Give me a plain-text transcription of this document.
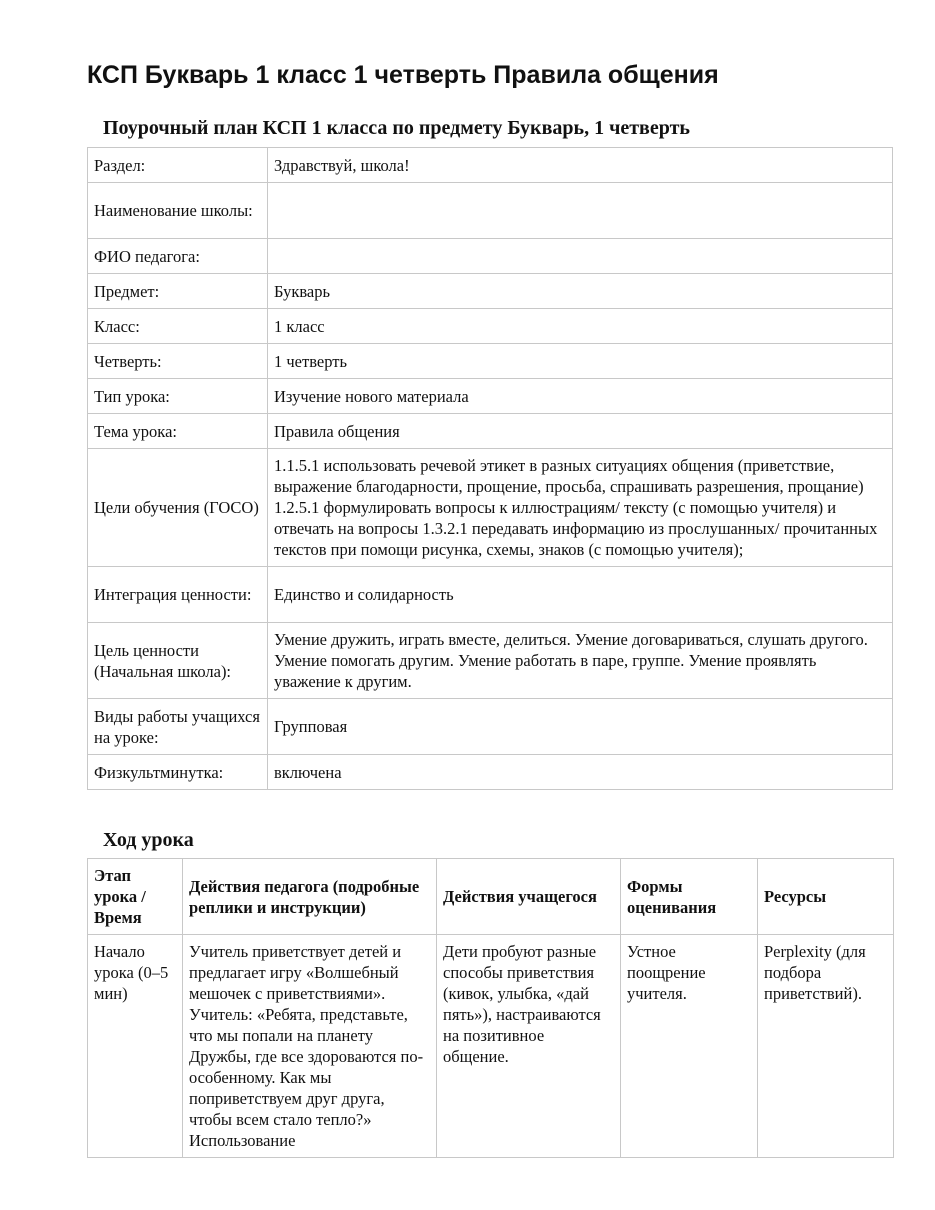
КСП Букварь 1 класс 1 четверть Правила общения
Поурочный план КСП 1 класса по предмету Букварь, 1 четверть
Раздел:	Здравствуй, школа!
Наименование школы:	
ФИО педагога:	
Предмет:	Букварь
Класс:	1 класс
Четверть:	1 четверть
Тип урока:	Изучение нового материала
Тема урока:	Правила общения
Цели обучения (ГОСО)	1.1.5.1 использовать речевой этикет в разных ситуациях общения (приветствие, выражение благодарности, прощение, просьба, спрашивать разрешения, прощание) 1.2.5.1 формулировать вопросы к иллюстрациям/ тексту (с помощью учителя) и отвечать на вопросы 1.3.2.1 передавать информацию из прослушанных/ прочитанных текстов при помощи рисунка, схемы, знаков (с помощью учителя);
Интеграция ценности:	Единство и солидарность
Цель ценности (Начальная школа):	Умение дружить, играть вместе, делиться. Умение договариваться, слушать другого. Умение помогать другим. Умение работать в паре, группе. Умение проявлять уважение к другим.
Виды работы учащихся на уроке:	Групповая
Физкультминутка:	включена
Ход урока
Этап урока / Время	Действия педагога (подробные реплики и инструкции)	Действия учащегося	Формы оценивания	Ресурсы
Начало урока (0–5 мин)	Учитель приветствует детей и предлагает игру «Волшебный мешочек с приветствиями». Учитель: «Ребята, представьте, что мы попали на планету Дружбы, где все здороваются по-особенному. Как мы поприветствуем друг друга, чтобы всем стало тепло?» Использование	Дети пробуют разные способы приветствия (кивок, улыбка, «дай пять»), настраиваются на позитивное общение.	Устное поощрение учителя.	Perplexity (для подбора приветствий).
